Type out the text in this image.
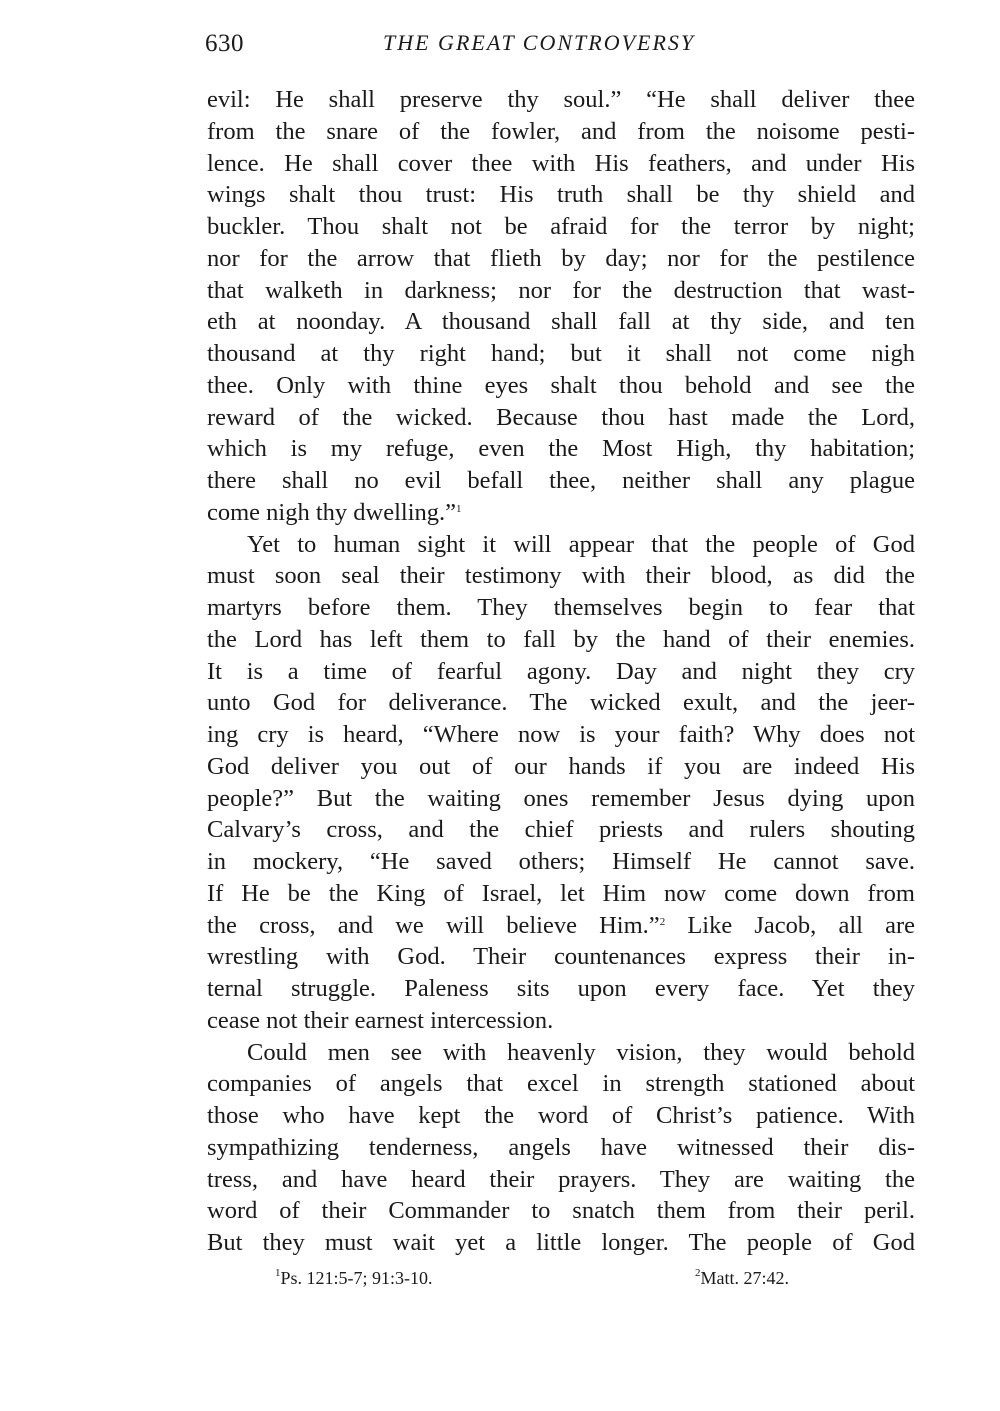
630	THE GREAT CONTROVERSY
evil: He shall preserve thy soul.” “He shall deliver thee
from the snare of the fowler, and from the noisome pesti-
lence. He shall cover thee with His feathers, and under His
wings shalt thou trust: His truth shall be thy shield and
buckler. Thou shalt not be afraid for the terror by night;
nor for the arrow that flieth by day; nor for the pestilence
that walketh in darkness; nor for the destruction that wast-
eth at noonday. A thousand shall fall at thy side, and ten
thousand at thy right hand; but it shall not come nigh
thee. Only with thine eyes shalt thou behold and see the
reward of the wicked. Because thou hast made the Lord,
which is my refuge, even the Most High, thy habitation;
there shall no evil befall thee, neither shall any plague
come nigh thy dwelling.”$^1$
Yet to human sight it will appear that the people of God
must soon seal their testimony with their blood, as did the
martyrs before them. They themselves begin to fear that
the Lord has left them to fall by the hand of their enemies.
It is a time of fearful agony. Day and night they cry
unto God for deliverance. The wicked exult, and the jeer-
ing cry is heard, “Where now is your faith? Why does not
God deliver you out of our hands if you are indeed His
people?” But the waiting ones remember Jesus dying upon
Calvary’s cross, and the chief priests and rulers shouting
in mockery, “He saved others; Himself He cannot save.
If He be the King of Israel, let Him now come down from
the cross, and we will believe Him.”$^2$ Like Jacob, all are
wrestling with God. Their countenances express their in-
ternal struggle. Paleness sits upon every face. Yet they
cease not their earnest intercession.
Could men see with heavenly vision, they would behold
companies of angels that excel in strength stationed about
those who have kept the word of Christ’s patience. With
sympathizing tenderness, angels have witnessed their dis-
tress, and have heard their prayers. They are waiting the
word of their Commander to snatch them from their peril.
But they must wait yet a little longer. The people of God
$^1$Ps. 121:5-7; 91:3-10.	$^2$Matt. 27:42.
